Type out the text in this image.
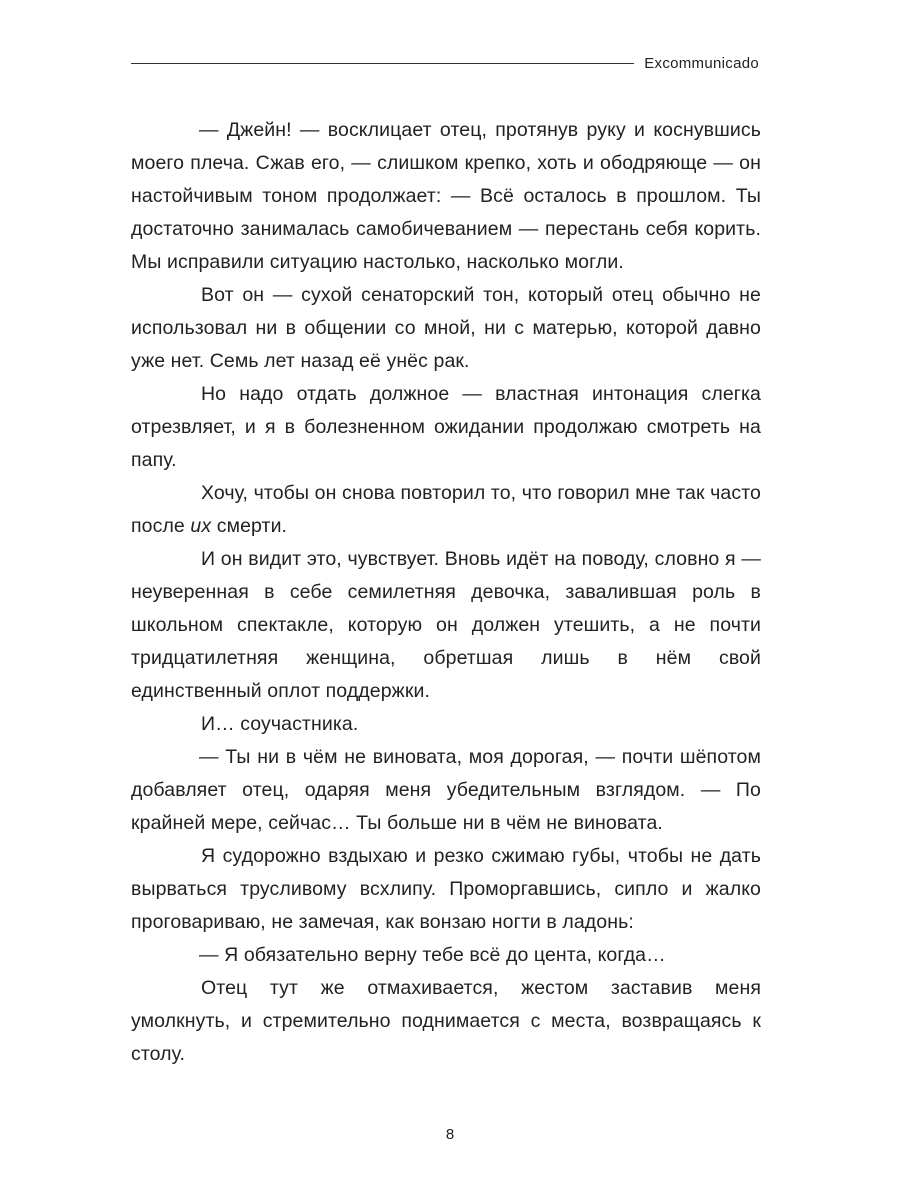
Excommunicado

— Джейн! — восклицает отец, протянув руку и коснувшись моего плеча. Сжав его, — слишком крепко, хоть и ободряюще — он настойчивым тоном продолжает: — Всё осталось в прошлом. Ты достаточно занималась самобичеванием — перестань себя корить. Мы исправили ситуацию настолько, насколько могли.

Вот он — сухой сенаторский тон, который отец обычно не использовал ни в общении со мной, ни с матерью, которой давно уже нет. Семь лет назад её унёс рак.

Но надо отдать должное — властная интонация слегка отрезвляет, и я в болезненном ожидании продолжаю смотреть на папу.

Хочу, чтобы он снова повторил то, что говорил мне так часто после их смерти.

И он видит это, чувствует. Вновь идёт на поводу, словно я — неуверенная в себе семилетняя девочка, завалившая роль в школьном спектакле, которую он должен утешить, а не почти тридцатилетняя женщина, обретшая лишь в нём свой единственный оплот поддержки.

И… соучастника.

— Ты ни в чём не виновата, моя дорогая, — почти шёпотом добавляет отец, одаряя меня убедительным взглядом. — По крайней мере, сейчас… Ты больше ни в чём не виновата.

Я судорожно вздыхаю и резко сжимаю губы, чтобы не дать вырваться трусливому всхлипу. Проморгавшись, сипло и жалко проговариваю, не замечая, как вонзаю ногти в ладонь:

— Я обязательно верну тебе всё до цента, когда…

Отец тут же отмахивается, жестом заставив меня умолкнуть, и стремительно поднимается с места, возвращаясь к столу.

8
